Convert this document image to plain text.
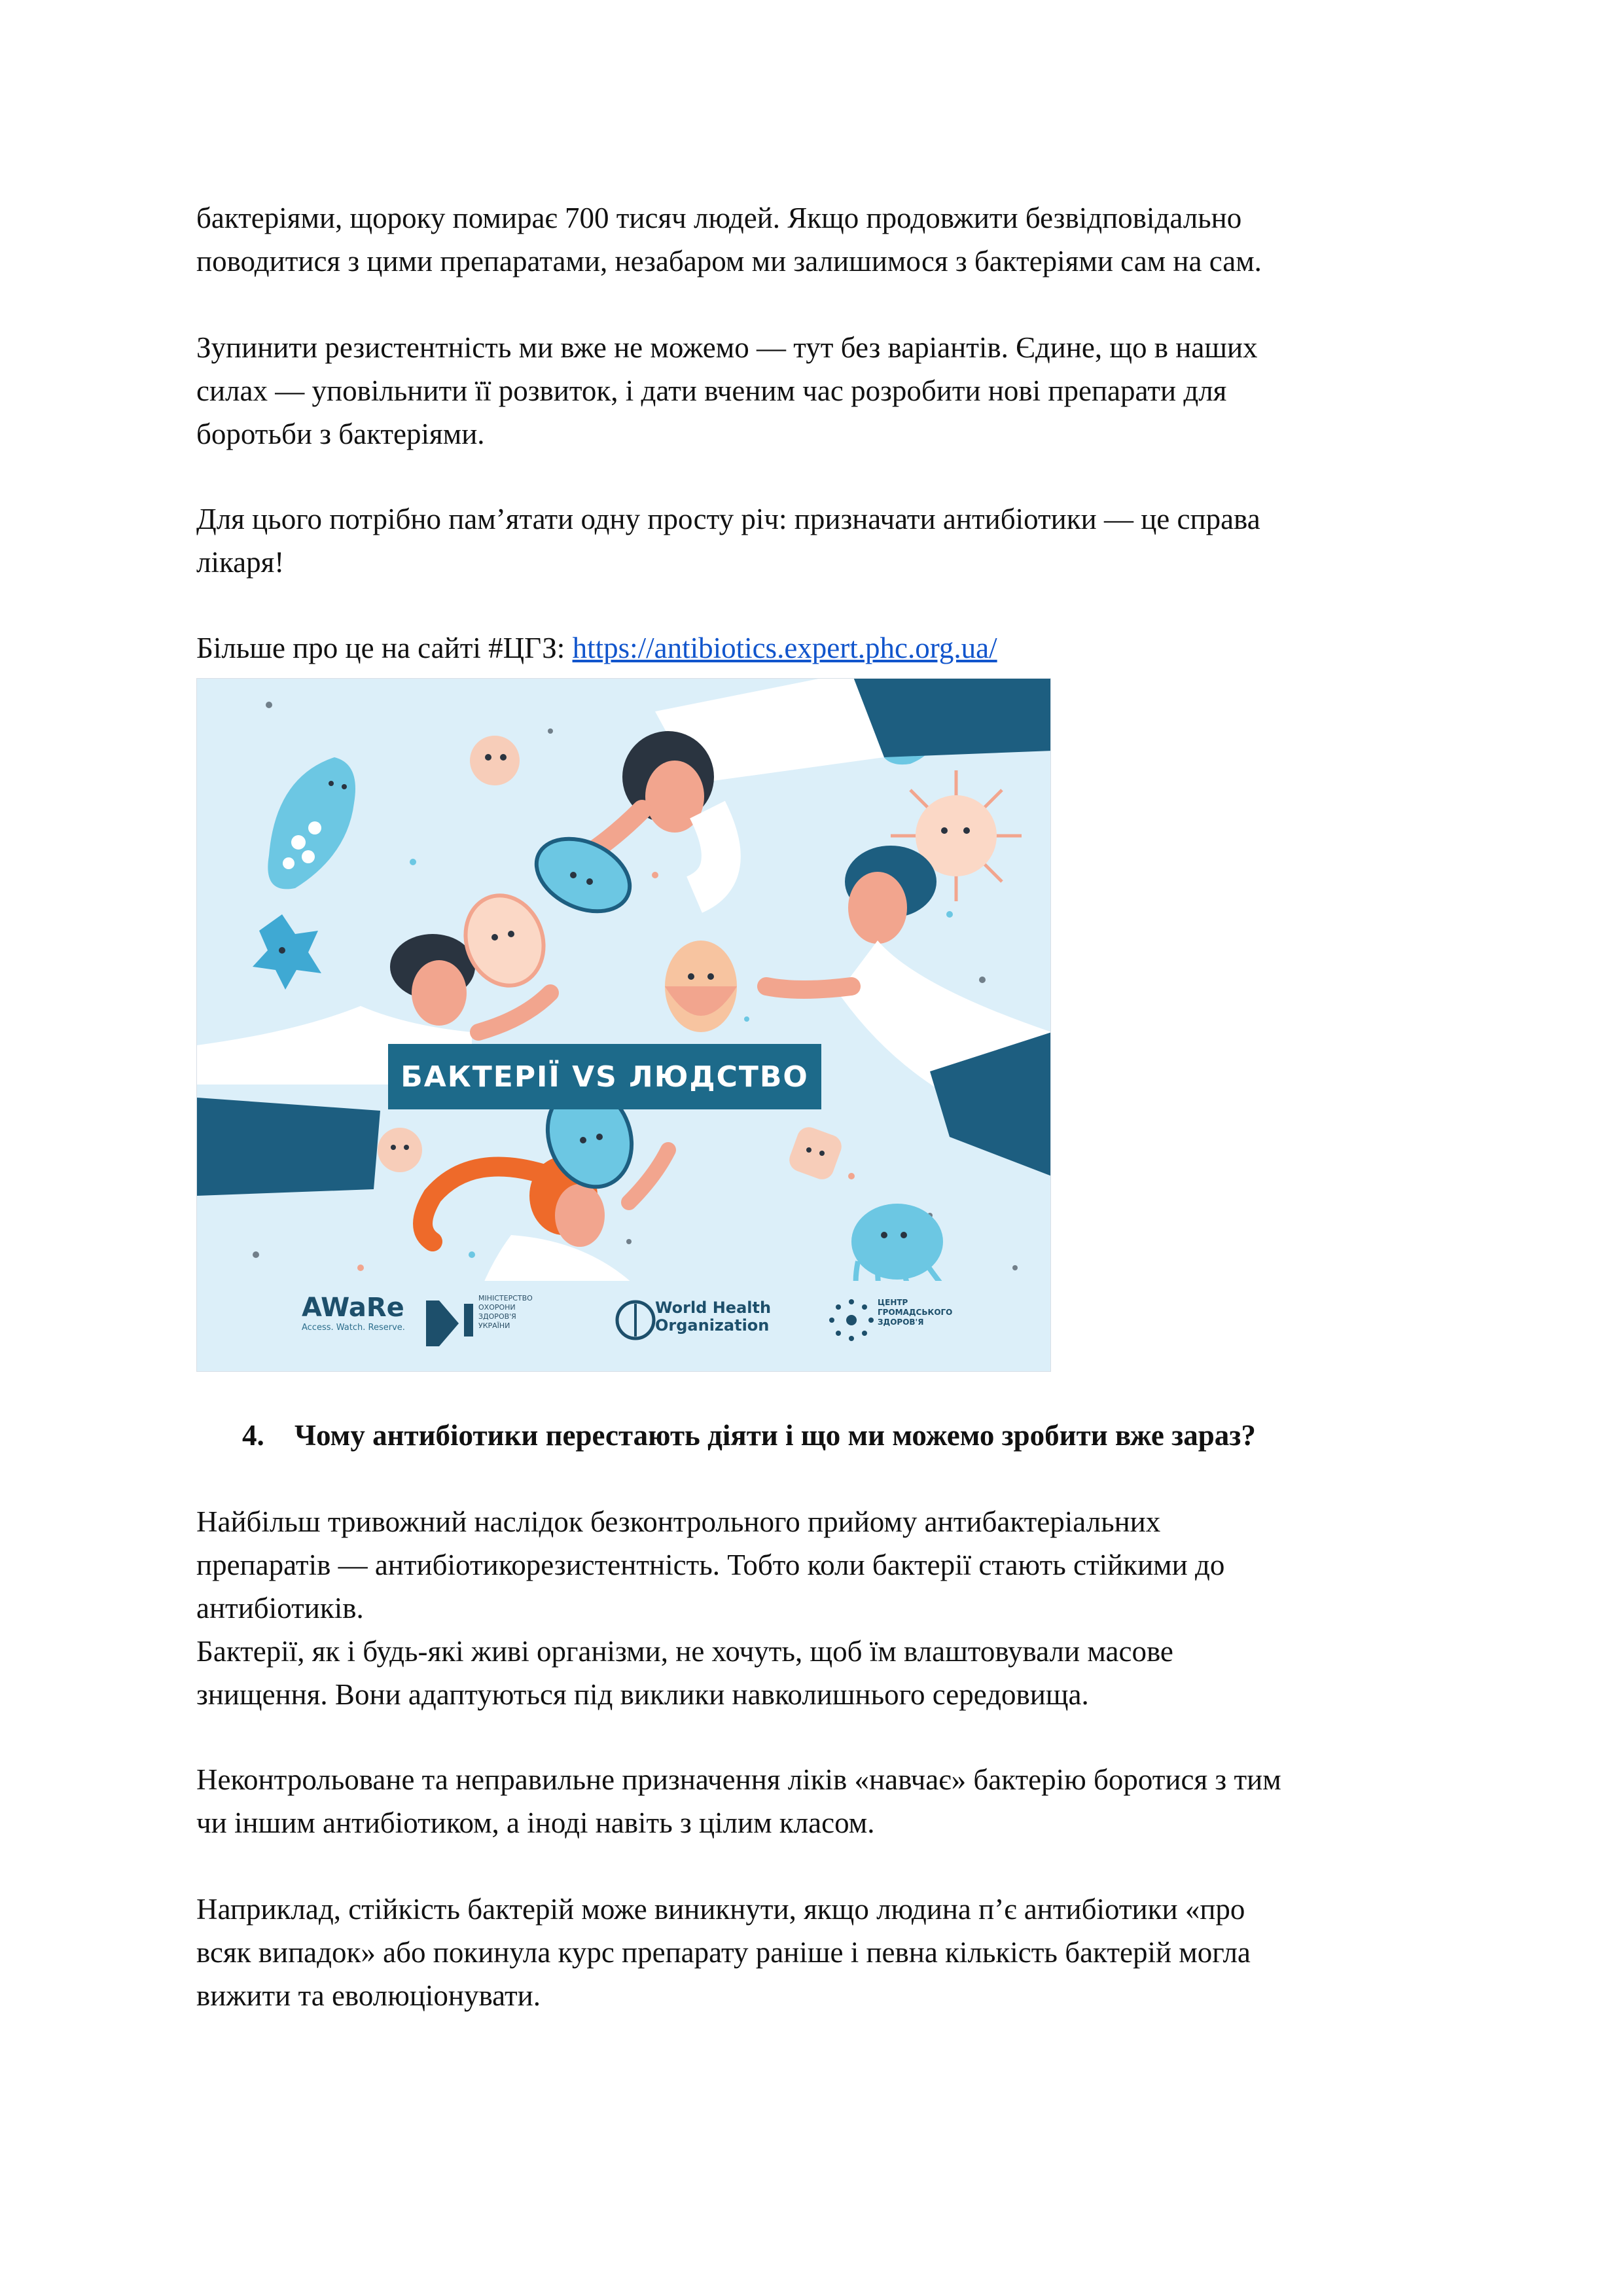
бактеріями, щороку помирає 700 тисяч людей. Якщо продовжити безвідповідально
поводитися з цими препаратами, незабаром ми залишимося з бактеріями сам на сам.

Зупинити резистентність ми вже не можемо — тут без варіантів. Єдине, що в наших
силах — уповільнити її розвиток, і дати вченим час розробити нові препарати для
боротьби з бактеріями.

Для цього потрібно пам’ятати одну просту річ: призначати антибіотики — це справа
лікаря!

Більше про це на сайті #ЦГЗ: https://antibiotics.expert.phc.org.ua/

БАКТЕРІЇ VS ЛЮДСТВО
AWaRe
Access. Watch. Reserve.
МІНІСТЕРСТВО ОХОРОНИ ЗДОРОВ'Я УКРАЇНИ
World Health Organization
ЦЕНТР ГРОМАДСЬКОГО ЗДОРОВ'Я

4. Чому антибіотики перестають діяти і що ми можемо зробити вже зараз?

Найбільш тривожний наслідок безконтрольного прийому антибактеріальних
препаратів — антибіотикорезистентність. Тобто коли бактерії стають стійкими до
антибіотиків.
Бактерії, як і будь-які живі організми, не хочуть, щоб їм влаштовували масове
знищення. Вони адаптуються під виклики навколишнього середовища.

Неконтрольоване та неправильне призначення ліків «навчає» бактерію боротися з тим
чи іншим антибіотиком, а іноді навіть з цілим класом.

Наприклад, стійкість бактерій може виникнути, якщо людина п’є антибіотики «про
всяк випадок» або покинула курс препарату раніше і певна кількість бактерій могла
вижити та еволюціонувати.
